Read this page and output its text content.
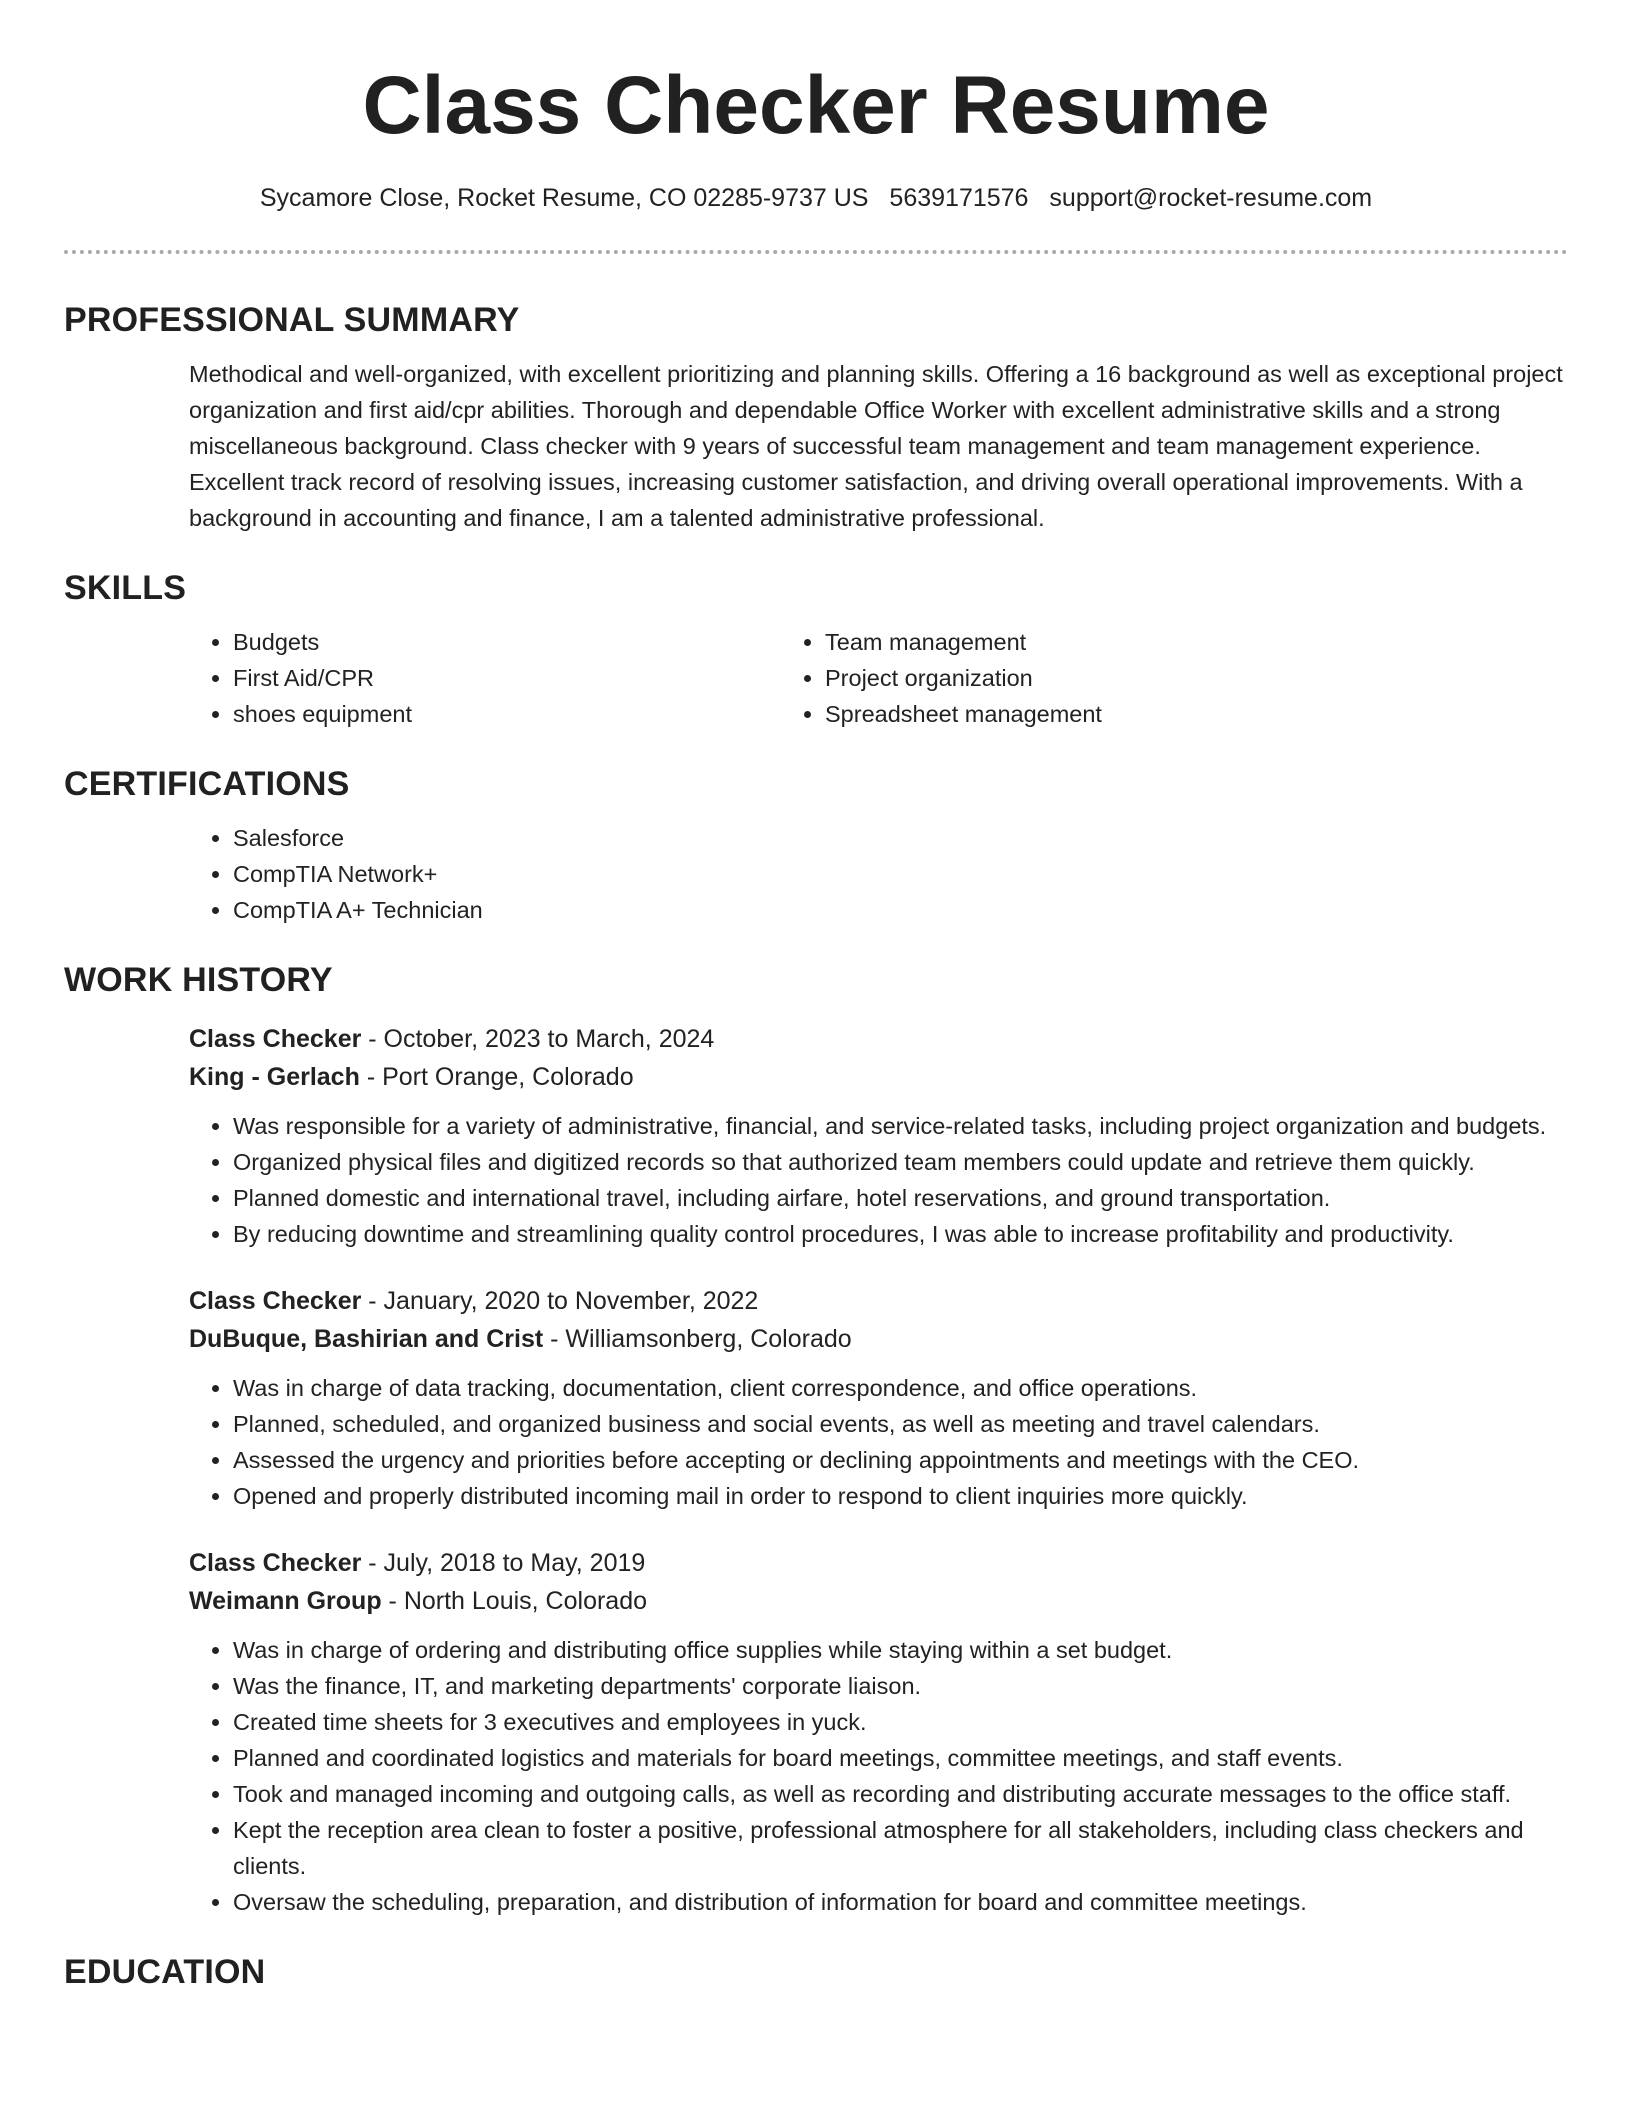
Class Checker Resume
Sycamore Close, Rocket Resume, CO 02285-9737 US 5639171576 support@rocket-resume.com
PROFESSIONAL SUMMARY
Methodical and well-organized, with excellent prioritizing and planning skills. Offering a 16 background as well as exceptional project organization and first aid/cpr abilities. Thorough and dependable Office Worker with excellent administrative skills and a strong miscellaneous background. Class checker with 9 years of successful team management and team management experience. Excellent track record of resolving issues, increasing customer satisfaction, and driving overall operational improvements. With a background in accounting and finance, I am a talented administrative professional.
SKILLS
• Budgets
• First Aid/CPR
• shoes equipment
• Team management
• Project organization
• Spreadsheet management
CERTIFICATIONS
• Salesforce
• CompTIA Network+
• CompTIA A+ Technician
WORK HISTORY
Class Checker - October, 2023 to March, 2024
King - Gerlach - Port Orange, Colorado
• Was responsible for a variety of administrative, financial, and service-related tasks, including project organization and budgets.
• Organized physical files and digitized records so that authorized team members could update and retrieve them quickly.
• Planned domestic and international travel, including airfare, hotel reservations, and ground transportation.
• By reducing downtime and streamlining quality control procedures, I was able to increase profitability and productivity.
Class Checker - January, 2020 to November, 2022
DuBuque, Bashirian and Crist - Williamsonberg, Colorado
• Was in charge of data tracking, documentation, client correspondence, and office operations.
• Planned, scheduled, and organized business and social events, as well as meeting and travel calendars.
• Assessed the urgency and priorities before accepting or declining appointments and meetings with the CEO.
• Opened and properly distributed incoming mail in order to respond to client inquiries more quickly.
Class Checker - July, 2018 to May, 2019
Weimann Group - North Louis, Colorado
• Was in charge of ordering and distributing office supplies while staying within a set budget.
• Was the finance, IT, and marketing departments' corporate liaison.
• Created time sheets for 3 executives and employees in yuck.
• Planned and coordinated logistics and materials for board meetings, committee meetings, and staff events.
• Took and managed incoming and outgoing calls, as well as recording and distributing accurate messages to the office staff.
• Kept the reception area clean to foster a positive, professional atmosphere for all stakeholders, including class checkers and clients.
• Oversaw the scheduling, preparation, and distribution of information for board and committee meetings.
EDUCATION
